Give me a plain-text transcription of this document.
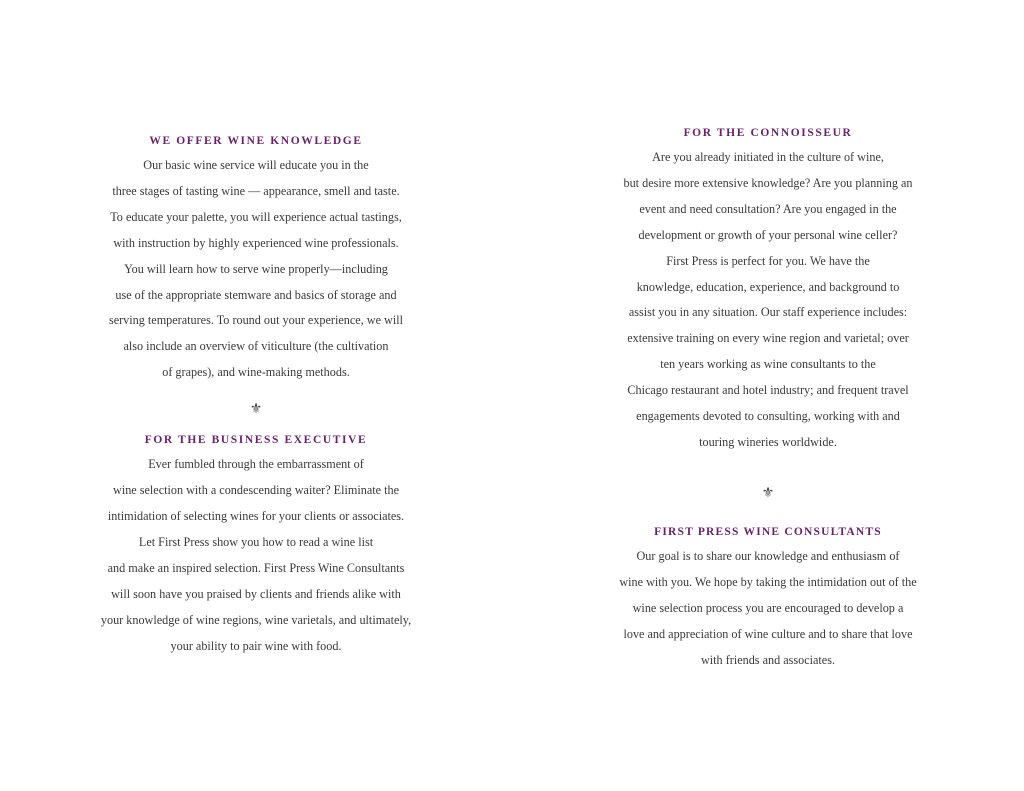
WE OFFER WINE KNOWLEDGE
Our basic wine service will educate you in the
three stages of tasting wine — appearance, smell and taste.
To educate your palette, you will experience actual tastings,
with instruction by highly experienced wine professionals.
You will learn how to serve wine properly—including
use of the appropriate stemware and basics of storage and
serving temperatures. To round out your experience, we will
also include an overview of viticulture (the cultivation
of grapes), and wine-making methods.
⚜
FOR THE BUSINESS EXECUTIVE
Ever fumbled through the embarrassment of
wine selection with a condescending waiter? Eliminate the
intimidation of selecting wines for your clients or associates.
Let First Press show you how to read a wine list
and make an inspired selection. First Press Wine Consultants
will soon have you praised by clients and friends alike with
your knowledge of wine regions, wine varietals, and ultimately,
your ability to pair wine with food.
FOR THE CONNOISSEUR
Are you already initiated in the culture of wine,
but desire more extensive knowledge? Are you planning an
event and need consultation? Are you engaged in the
development or growth of your personal wine celler?
First Press is perfect for you. We have the
knowledge, education, experience, and background to
assist you in any situation. Our staff experience includes:
extensive training on every wine region and varietal; over
ten years working as wine consultants to the
Chicago restaurant and hotel industry; and frequent travel
engagements devoted to consulting, working with and
touring wineries worldwide.
⚜
FIRST PRESS WINE CONSULTANTS
Our goal is to share our knowledge and enthusiasm of
wine with you. We hope by taking the intimidation out of the
wine selection process you are encouraged to develop a
love and appreciation of wine culture and to share that love
with friends and associates.
